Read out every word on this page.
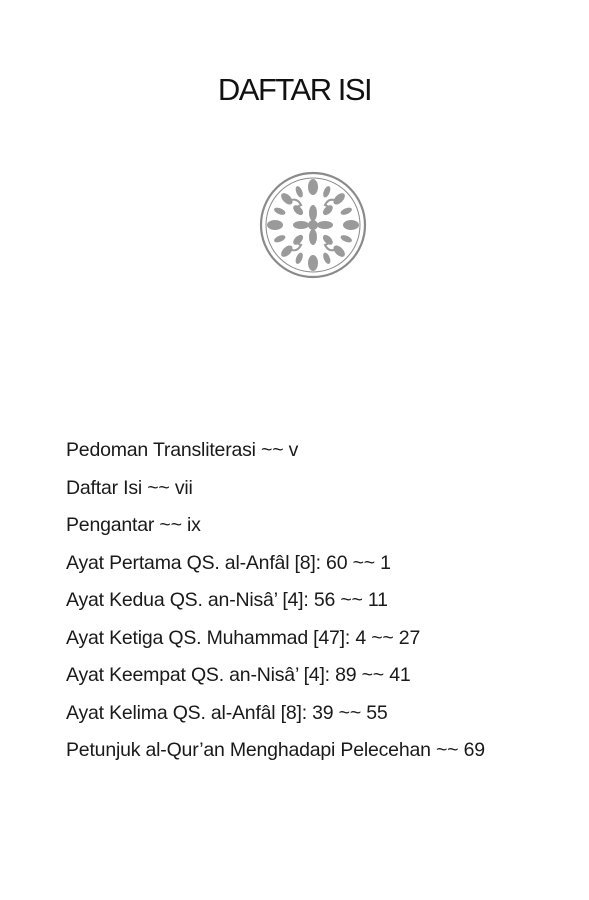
DAFTAR ISI
Pedoman Transliterasi ~~ v
Daftar Isi ~~ vii
Pengantar ~~ ix
Ayat Pertama QS. al-Anfâl [8]: 60 ~~ 1
Ayat Kedua QS. an-Nisâ’ [4]: 56 ~~ 11
Ayat Ketiga QS. Muhammad [47]: 4 ~~ 27
Ayat Keempat QS. an-Nisâ’ [4]: 89 ~~ 41
Ayat Kelima QS. al-Anfâl [8]: 39 ~~ 55
Petunjuk al-Qur’an Menghadapi Pelecehan ~~ 69
